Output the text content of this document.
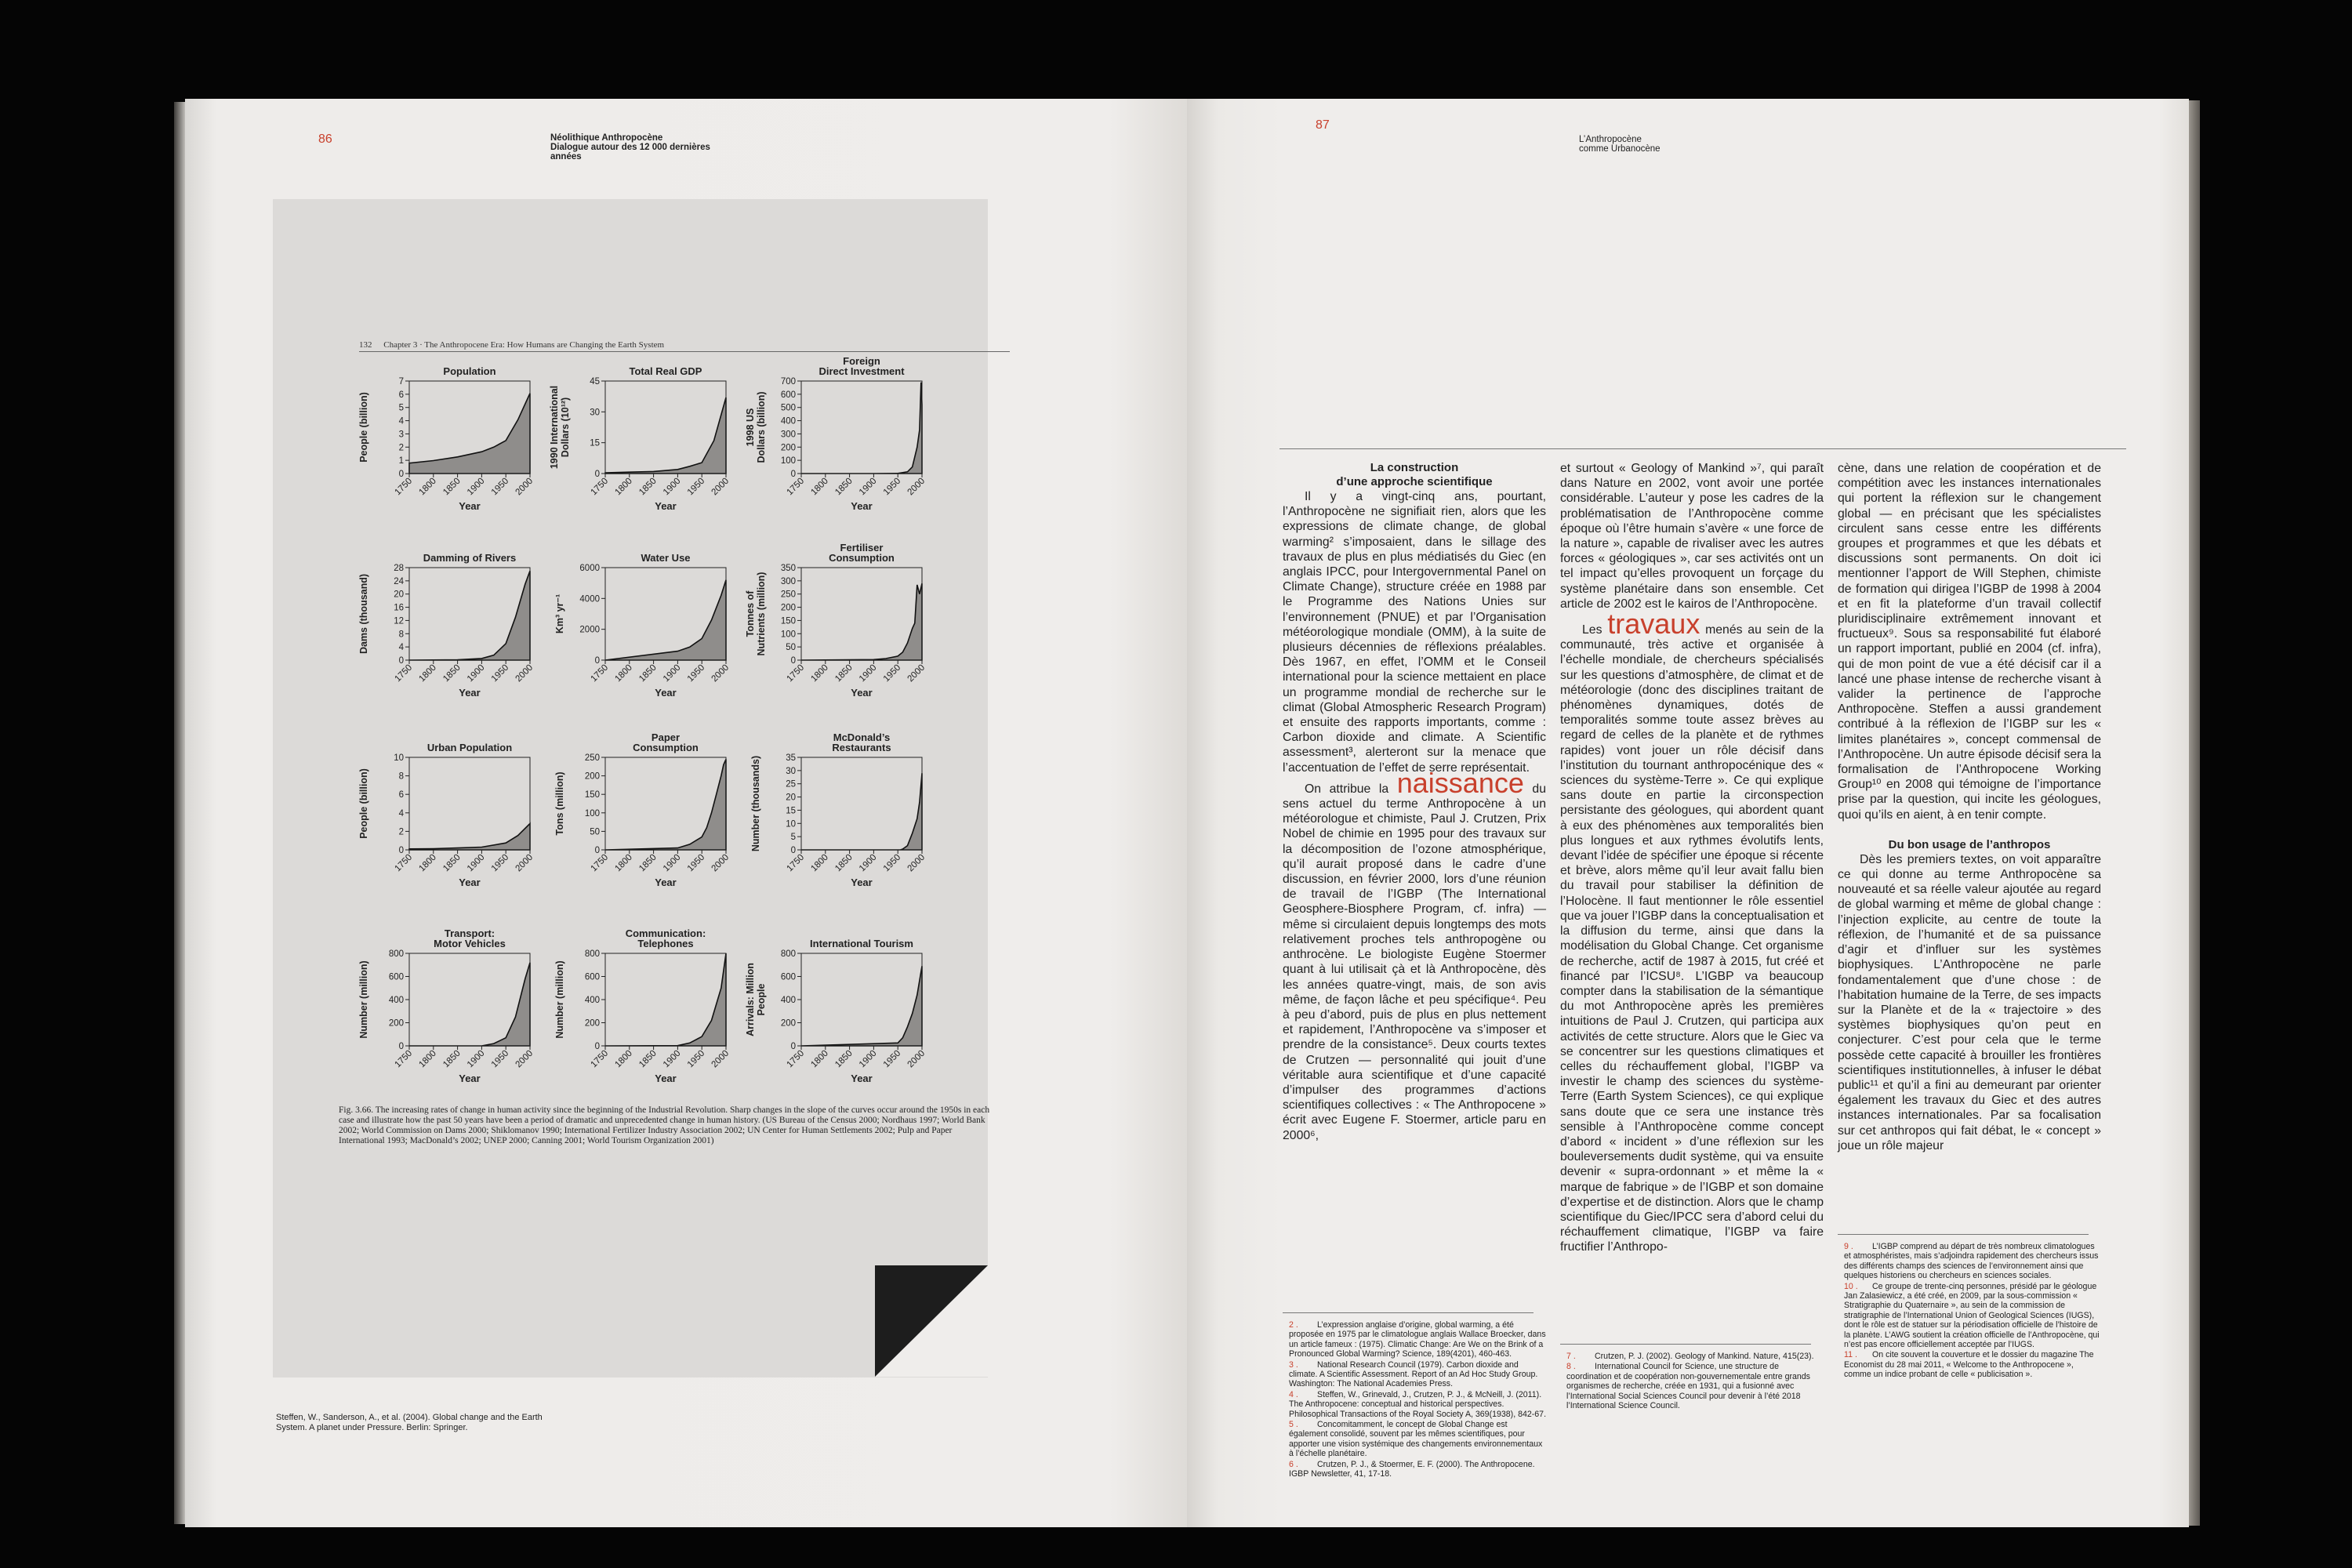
86	Néolithique Anthropocène
Dialogue autour des 12 000 dernières
années
132 Chapter 3 · The Anthropocene Era: How Humans are Changing the Earth System
Population
0
1
2
3
4
5
6
7
1750 1800 1850 1900 1950 2000
Year
People (billion)
Total Real GDP
0
15
30
45
1750 1800 1850 1900 1950 2000
Year
1990 InternationalDollars (10¹²)
Foreign
Direct Investment
0
100
200
300
400
500
600
700
1750 1800 1850 1900 1950 2000
Year
1998 USDollars (billion)
Damming of Rivers
0
4
8
12
16
20
24
28
1750 1800 1850 1900 1950 2000
Year
Dams (thousand)
Water Use
0
2000
4000
6000
1750 1800 1850 1900 1950 2000
Year
Km³ yr⁻¹
Fertiliser
Consumption
0
50
100
150
200
250
300
350
1750 1800 1850 1900 1950 2000
Year
Tonnes ofNutrients (million)
Urban Population
0
2
4
6
8
10
1750 1800 1850 1900 1950 2000
Year
People (billion)
Paper
Consumption
0
50
100
150
200
250
1750 1800 1850 1900 1950 2000
Year
Tons (million)
McDonald’s
Restaurants
0
5
10
15
20
25
30
35
1750 1800 1850 1900 1950 2000
Year
Number (thousands)
Transport:
Motor Vehicles
0
200
400
600
800
1750 1800 1850 1900 1950 2000
Year
Number (million)
Communication:
Telephones
0
200
400
600
800
1750 1800 1850 1900 1950 2000
Year
Number (million)
International Tourism
0
200
400
600
800
1750 1800 1850 1900 1950 2000
Year
Arrivals: MillionPeople
Fig. 3.66. The increasing rates of change in human activity since the beginning of the Industrial Revolution. Sharp changes in the slope of the curves occur around the 1950s in each case and illustrate how the past 50 years have been a period of dramatic and unprecedented change in human history. (US Bureau of the Census 2000; Nordhaus 1997; World Bank 2002; World Commission on Dams 2000; Shiklomanov 1990; International Fertilizer Industry Association 2002; UN Center for Human Settlements 2002; Pulp and Paper International 1993; MacDonald’s 2002; UNEP 2000; Canning 2001; World Tourism Organization 2001)
Steffen, W., Sanderson, A., et al. (2004). Global change and the Earth System. A planet under Pressure. Berlin: Springer.
87
L’Anthropocène
comme Urbanocène

La construction
d’une approche scientifique

Il y a vingt-cinq ans, pourtant, l’Anthropocène ne signifiait rien, alors que les expressions de climate change, de global warming² s’imposaient, dans le sillage des travaux de plus en plus médiatisés du Giec (en anglais IPCC, pour Intergovernmental Panel on Climate Change), structure créée en 1988 par le Programme des Nations Unies sur l’environnement (PNUE) et par l’Organisation météorologique mondiale (OMM), à la suite de plusieurs décennies de réflexions préalables. Dès 1967, en effet, l’OMM et le Conseil international pour la science mettaient en place un programme mondial de recherche sur le climat (Global Atmospheric Research Program) et ensuite des rapports importants, comme : Carbon dioxide and climate. A Scientific assessment³, alerteront sur la menace que l’accentuation de l’effet de serre représentait.

On attribue la naissance du sens actuel du terme Anthropocène à un météorologue et chimiste, Paul J. Crutzen, Prix Nobel de chimie en 1995 pour des travaux sur la décomposition de l’ozone atmosphérique, qu’il aurait proposé dans le cadre d’une discussion, en février 2000, lors d’une réunion de travail de l’IGBP (The International Geosphere-Biosphere Program, cf. infra) — même si circulaient depuis longtemps des mots relativement proches tels anthropogène ou anthrocène. Le biologiste Eugène Stoermer quant à lui utilisait çà et là Anthropocène, dès les années quatre-vingt, mais, de son avis même, de façon lâche et peu spécifique⁴. Peu à peu d’abord, puis de plus en plus nettement et rapidement, l’Anthropocène va s’imposer et prendre de la consistance⁵. Deux courts textes de Crutzen — personnalité qui jouit d’une véritable aura scientifique et d’une capacité d’impulser des programmes d’actions scientifiques collectives : « The Anthropocene » écrit avec Eugene F. Stoermer, article paru en 2000⁶,

et surtout « Geology of Mankind »⁷, qui paraît dans Nature en 2002, vont avoir une portée considérable. L’auteur y pose les cadres de la problématisation de l’Anthropocène comme époque où l’être humain s’avère « une force de la nature », capable de rivaliser avec les autres forces « géologiques », car ses activités ont un tel impact qu’elles provoquent un forçage du système planétaire dans son ensemble. Cet article de 2002 est le kairos de l’Anthropocène.

Les travaux menés au sein de la communauté, très active et organisée à l’échelle mondiale, de chercheurs spécialisés sur les questions d’atmosphère, de climat et de météorologie (donc des disciplines traitant de phénomènes dynamiques, dotés de temporalités somme toute assez brèves au regard de celles de la planète et de rythmes rapides) vont jouer un rôle décisif dans l’institution du tournant anthropocénique des « sciences du système-Terre ». Ce qui explique sans doute en partie la circonspection persistante des géologues, qui abordent quant à eux des phénomènes aux temporalités bien plus longues et aux rythmes évolutifs lents, devant l’idée de spécifier une époque si récente et brève, alors même qu’il leur avait fallu bien du travail pour stabiliser la définition de l’Holocène. Il faut mentionner le rôle essentiel que va jouer l’IGBP dans la conceptualisation et la diffusion du terme, ainsi que dans la modélisation du Global Change. Cet organisme de recherche, actif de 1987 à 2015, fut créé et financé par l’ICSU⁸. L’IGBP va beaucoup compter dans la stabilisation de la sémantique du mot Anthropocène après les premières intuitions de Paul J. Crutzen, qui participa aux activités de cette structure. Alors que le Giec va se concentrer sur les questions climatiques et celles du réchauffement global, l’IGBP va investir le champ des sciences du système-Terre (Earth System Sciences), ce qui explique sans doute que ce sera une instance très sensible à l’Anthropocène comme concept d’abord « incident » d’une réflexion sur les bouleversements dudit système, qui va ensuite devenir « supra-ordonnant » et même la « marque de fabrique » de l’IGBP et son domaine d’expertise et de distinction. Alors que le champ scientifique du Giec/IPCC sera d’abord celui du réchauffement climatique, l’IGBP va faire fructifier l’Anthropo-

cène, dans une relation de coopération et de compétition avec les instances internationales qui portent la réflexion sur le changement global — en précisant que les spécialistes circulent sans cesse entre les différents groupes et programmes et que les débats et discussions sont permanents. On doit ici mentionner l’apport de Will Stephen, chimiste de formation qui dirigea l’IGBP de 1998 à 2004 et en fit la plateforme d’un travail collectif pluridisciplinaire extrêmement innovant et fructueux⁹. Sous sa responsabilité fut élaboré un rapport important, publié en 2004 (cf. infra), qui de mon point de vue a été décisif car il a lancé une phase intense de recherche visant à valider la pertinence de l’approche Anthropocène. Steffen a aussi grandement contribué à la réflexion de l’IGBP sur les « limites planétaires », concept commensal de l’Anthropocène. Un autre épisode décisif sera la formalisation de l’Anthropocene Working Group¹⁰ en 2008 qui témoigne de l’importance prise par la question, qui incite les géologues, quoi qu’ils en aient, à en tenir compte.

Du bon usage de l’anthropos

Dès les premiers textes, on voit apparaître ce qui donne au terme Anthropocène sa nouveauté et sa réelle valeur ajoutée au regard de global warming et même de global change : l’injection explicite, au centre de toute la réflexion, de l’humanité et de sa puissance d’agir et d’influer sur les systèmes biophysiques. L’Anthropocène ne parle fondamentalement que d’une chose : de l’habitation humaine de la Terre, de ses impacts sur la Planète et de la « trajectoire » des systèmes biophysiques qu’on peut en conjecturer. C’est pour cela que le terme possède cette capacité à brouiller les frontières scientifiques institutionnelles, à infuser le débat public¹¹ et qu’il a fini au demeurant par orienter également les travaux du Giec et des autres instances internationales. Par sa focalisation sur cet anthropos qui fait débat, le « concept » joue un rôle majeur

2 . L’expression anglaise d’origine, global warming, a été proposée en 1975 par le climatologue anglais Wallace Broecker, dans un article fameux : (1975). Climatic Change: Are We on the Brink of a Pronounced Global Warming? Science, 189(4201), 460-463.

3 . National Research Council (1979). Carbon dioxide and climate. A Scientific Assessment. Report of an Ad Hoc Study Group. Washington: The National Academies Press.

4 . Steffen, W., Grinevald, J., Crutzen, P. J., & McNeill, J. (2011). The Anthropocene: conceptual and historical perspectives. Philosophical Transactions of the Royal Society A, 369(1938), 842-67.

5 . Concomitamment, le concept de Global Change est également consolidé, souvent par les mêmes scientifiques, pour apporter une vision systémique des changements environnementaux à l’échelle planétaire.

6 . Crutzen, P. J., & Stoermer, E. F. (2000). The Anthropocene. IGBP Newsletter, 41, 17-18.

7 . Crutzen, P. J. (2002). Geology of Mankind. Nature, 415(23).

8 . International Council for Science, une structure de coordination et de coopération non-gouvernementale entre grands organismes de recherche, créée en 1931, qui a fusionné avec l’International Social Sciences Council pour devenir à l’été 2018 l’International Science Council.

9 . L’IGBP comprend au départ de très nombreux climatologues et atmosphéristes, mais s’adjoindra rapidement des chercheurs issus des différents champs des sciences de l’environnement ainsi que quelques historiens ou chercheurs en sciences sociales.

10 . Ce groupe de trente-cinq personnes, présidé par le géologue Jan Zalasiewicz, a été créé, en 2009, par la sous-commission « Stratigraphie du Quaternaire », au sein de la commission de stratigraphie de l’International Union of Geological Sciences (IUGS), dont le rôle est de statuer sur la périodisation officielle de l’histoire de la planète. L’AWG soutient la création officielle de l’Anthropocène, qui n’est pas encore officiellement acceptée par l’IUGS.

11 . On cite souvent la couverture et le dossier du magazine The Economist du 28 mai 2011, « Welcome to the Anthropocene », comme un indice probant de celle « publicisation ».
